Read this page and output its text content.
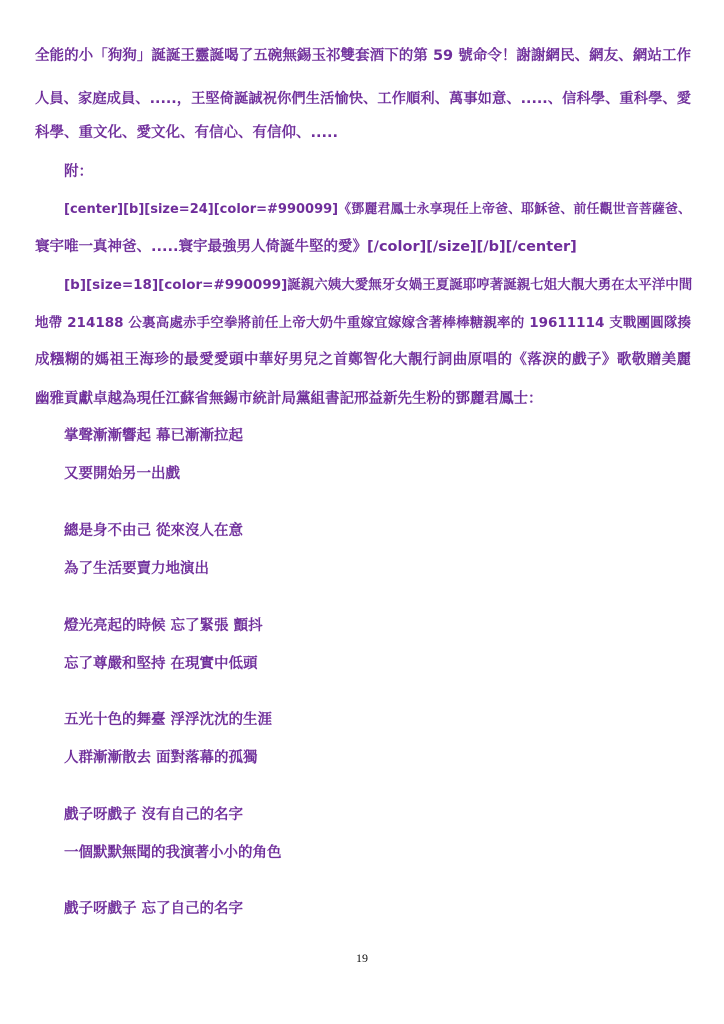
全能的小「狗狗」誕誕王靈誕喝了五碗無錫玉祁雙套酒下的第 59 號命令！謝謝網民、網友、網站工作

人員、家庭成員、.....，王堅倚誕誠祝你們生活愉快、工作順利、萬事如意、.....、信科學、重科學、愛

科學、重文化、愛文化、有信心、有信仰、.....

附：

[center][b][size=24][color=#990099]《鄧麗君鳳士永享現任上帝爸、耶穌爸、前任觀世音菩薩爸、

寰宇唯一真神爸、.....寰宇最強男人倚誕牛堅的愛》[/color][/size][/b][/center]

[b][size=18][color=#990099]誕親六姨大愛無牙女媧王夏誕耶哼著誕親七姐大靚大勇在太平洋中間

地帶 214188 公裏高處赤手空拳將前任上帝大奶牛重嫁宜嫁嫁含著棒棒糖親率的 19611114 支戰團圓隊揍

成糨糊的媽祖王海珍的最愛愛頭中華好男兒之首鄭智化大靚行詞曲原唱的《落淚的戲子》歌敬贈美麗

幽雅貢獻卓越為現任江蘇省無錫市統計局黨組書記邢益新先生粉的鄧麗君鳳士：

掌聲漸漸響起 幕已漸漸拉起

又要開始另一出戲

總是身不由己 從來沒人在意

為了生活要賣力地演出

燈光亮起的時候 忘了緊張 顫抖

忘了尊嚴和堅持 在現實中低頭

五光十色的舞臺 浮浮沈沈的生涯

人群漸漸散去 面對落幕的孤獨

戲子呀戲子 沒有自己的名字

一個默默無聞的我演著小小的角色

戲子呀戲子 忘了自己的名字

19
